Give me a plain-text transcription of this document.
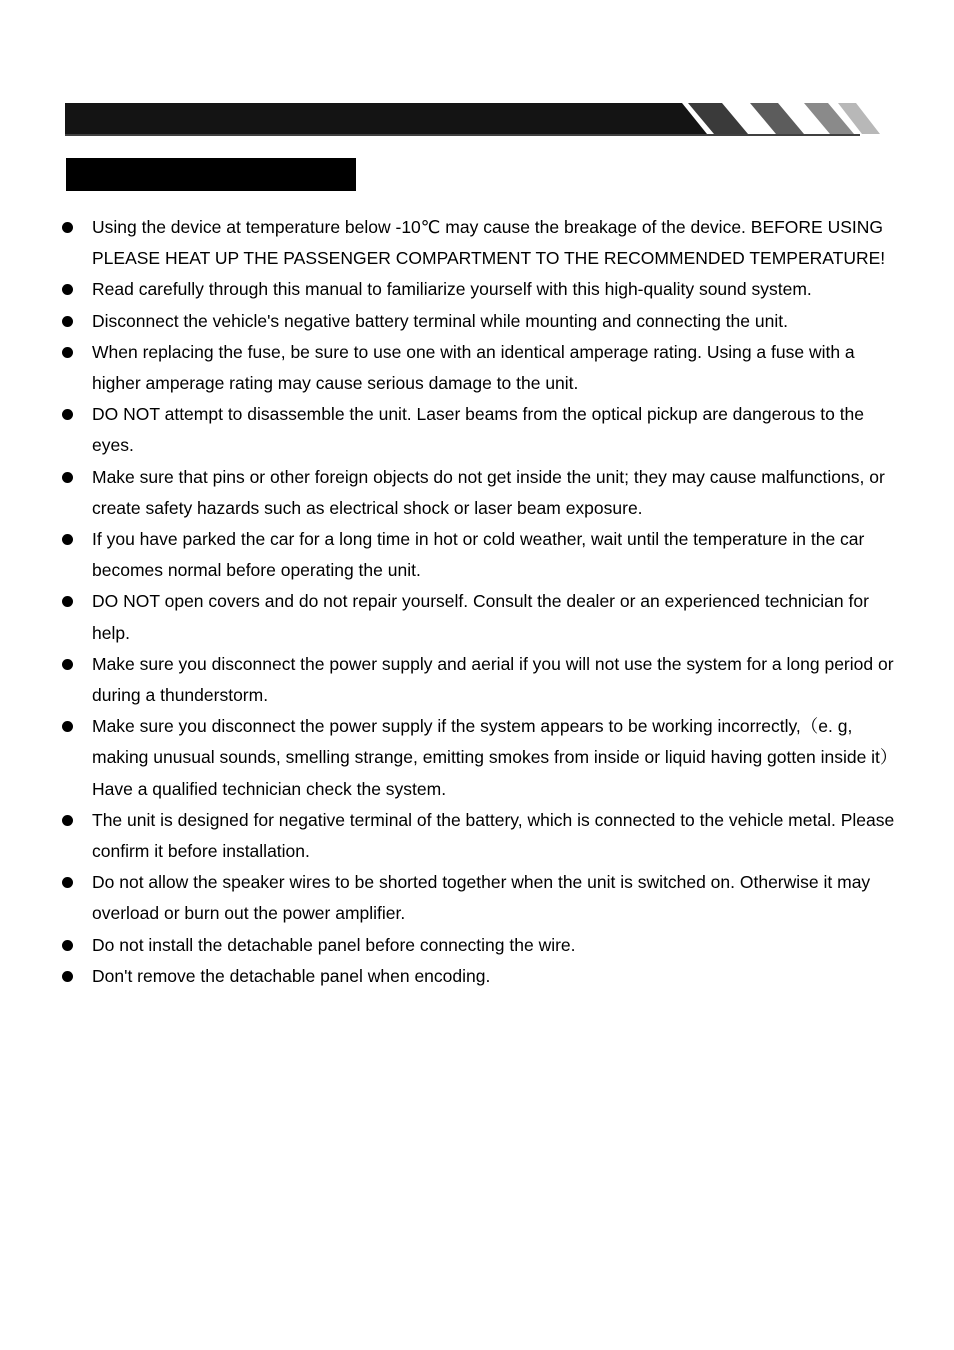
Using the device at temperature below -10℃ may cause the breakage of the device. BEFORE USING PLEASE HEAT UP THE PASSENGER COMPARTMENT TO THE RECOMMENDED TEMPERATURE!
Read carefully through this manual to familiarize yourself with this high-quality sound system.
Disconnect the vehicle's negative battery terminal while mounting and connecting the unit.
When replacing the fuse, be sure to use one with an identical amperage rating. Using a fuse with a higher amperage rating may cause serious damage to the unit.
DO NOT attempt to disassemble the unit. Laser beams from the optical pickup are dangerous to the eyes.
Make sure that pins or other foreign objects do not get inside the unit; they may cause malfunctions, or create safety hazards such as electrical shock or laser beam exposure.
If you have parked the car for a long time in hot or cold weather, wait until the temperature in the car becomes normal before operating the unit.
DO NOT open covers and do not repair yourself. Consult the dealer or an experienced technician for help.
Make sure you disconnect the power supply and aerial if you will not use the system for a long period or during a thunderstorm.
Make sure you disconnect the power supply if the system appears to be working incorrectly,（e. g, making unusual sounds, smelling strange, emitting smokes from inside or liquid having gotten inside it） Have a qualified technician check the system.
The unit is designed for negative terminal of the battery, which is connected to the vehicle metal. Please confirm it before installation.
Do not allow the speaker wires to be shorted together when the unit is switched on. Otherwise it may overload or burn out the power amplifier.
Do not install the detachable panel before connecting the wire.
Don't remove the detachable panel when encoding.
